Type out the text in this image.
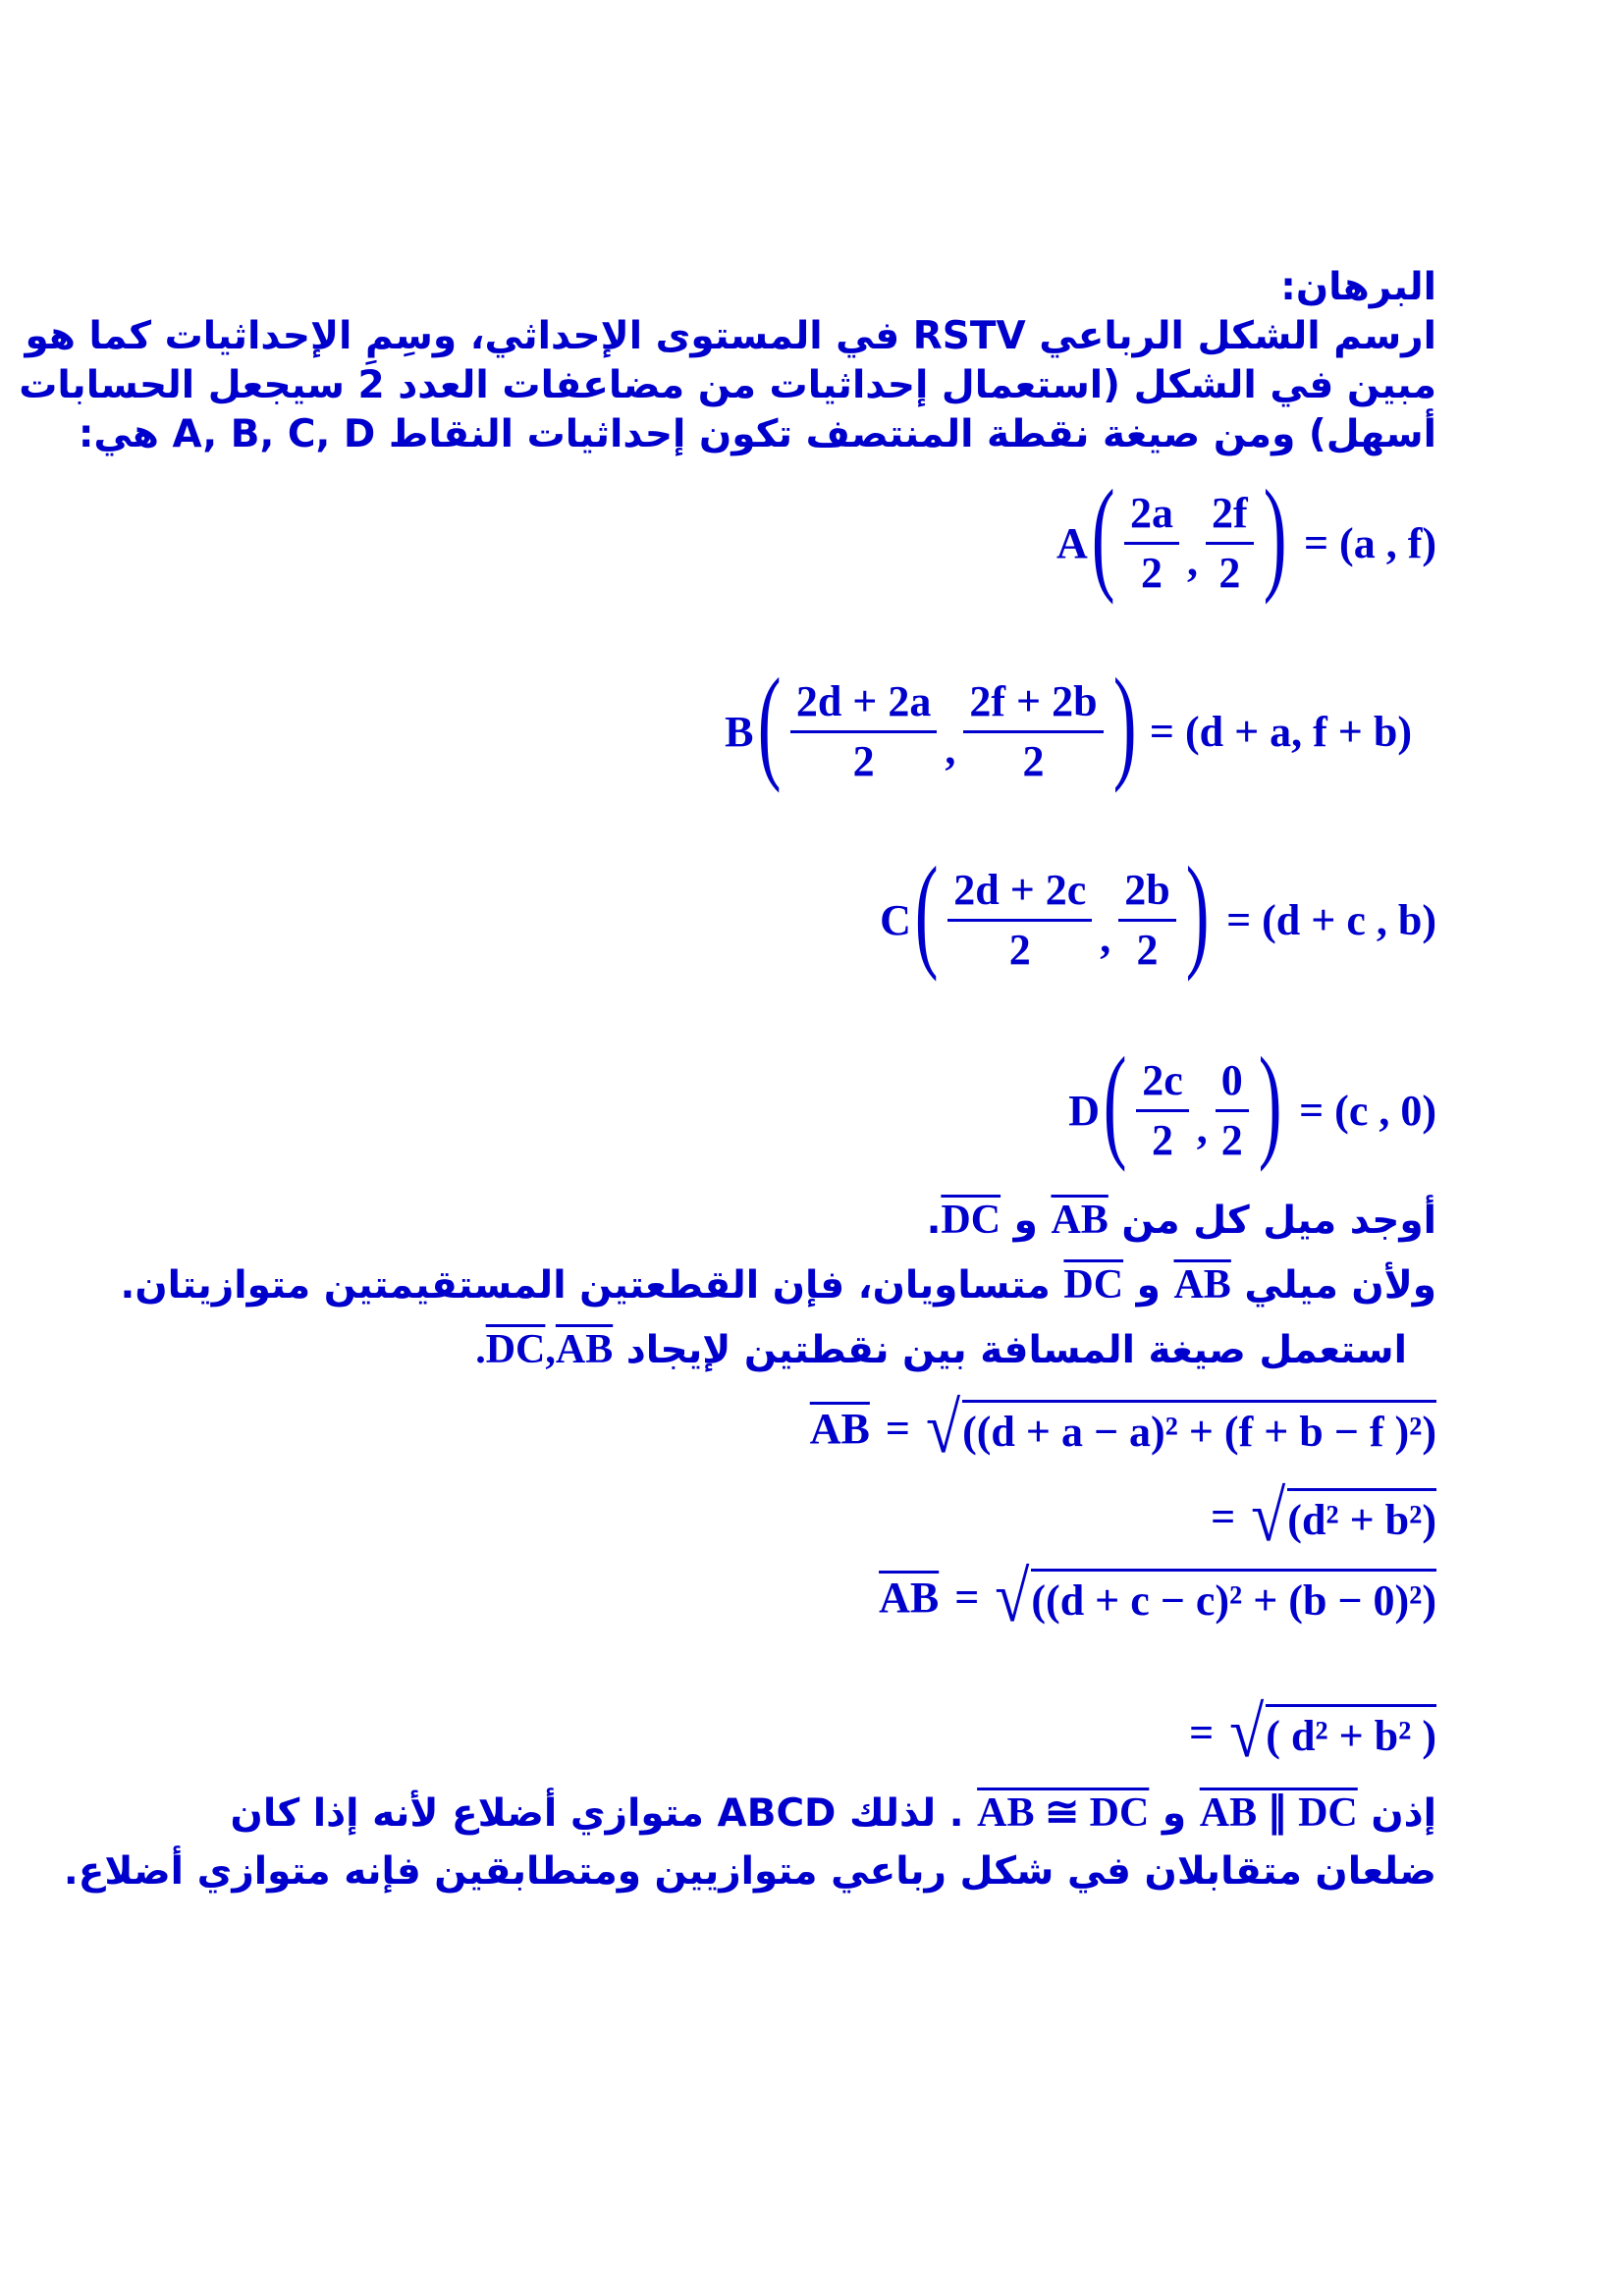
البرهان:
ارسم الشكل الرباعي RSTV في المستوى الإحداثي، وسِمِ الإحداثيات كما هو
مبين في الشكل (استعمال إحداثيات من مضاعفات العدد 2 سيجعل الحسابات
أسهل) ومن صيغة نقطة المنتصف تكون إحداثيات النقاط A, B, C, D هي:
A ( $\frac{2a}{2}$ , $\frac{2f}{2}$ ) = (a , f)
B ( $\frac{2d + 2a}{2}$ , $\frac{2f + 2b}{2}$ ) = (d + a, f + b)
C ( $\frac{2d + 2c}{2}$ , $\frac{2b}{2}$ ) = (d + c , b)
D ( $\frac{2c}{2}$ , $\frac{0}{2}$ ) = (c , 0)
أوجد ميل كل من AB و DC.
ولأن ميلي AB و DC متساويان، فإن القطعتين المستقيمتين متوازيتان.
استعمل صيغة المسافة بين نقطتين لإيجاد DC,AB.
$\overline{AB}$ = √ ((d + a − a)² + (f + b − f )²)
= √ (d² + b²)
$\overline{AB}$ = √ ((d + c − c)² + (b − 0)²)
= √ ( d² + b² )
إذن AB ∥ DC و AB ≅ DC . لذلك ABCD متوازي أضلاع لأنه إذا كان
ضلعان متقابلان في شكل رباعي متوازيين ومتطابقين فإنه متوازي أضلاع.
